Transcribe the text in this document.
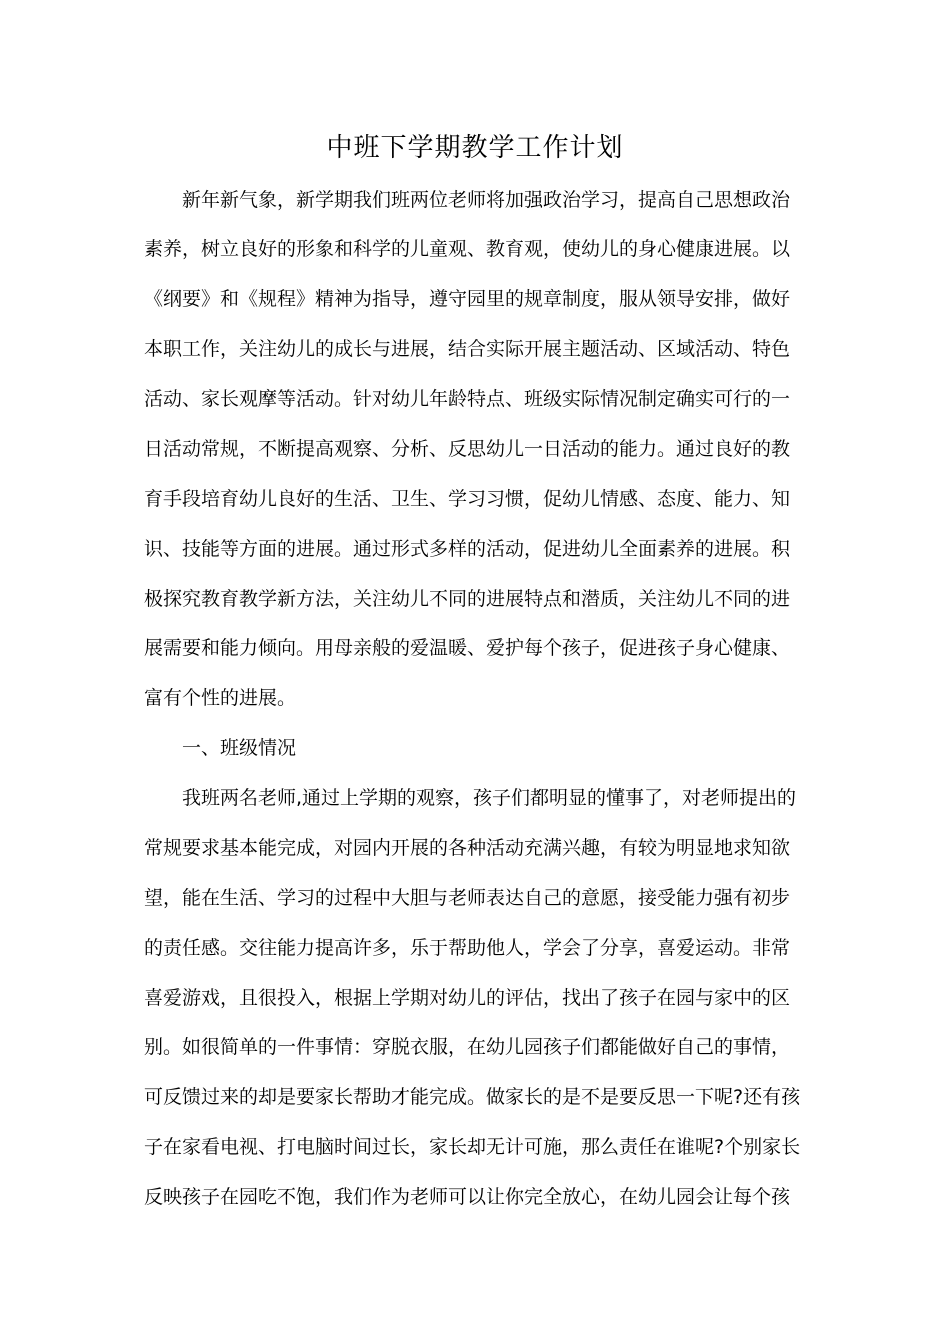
中班下学期教学工作计划

新年新气象，新学期我们班两位老师将加强政治学习，提高自己思想政治

素养，树立良好的形象和科学的儿童观、教育观，使幼儿的身心健康进展。以

《纲要》和《规程》精神为指导，遵守园里的规章制度，服从领导安排，做好

本职工作，关注幼儿的成长与进展，结合实际开展主题活动、区域活动、特色

活动、家长观摩等活动。针对幼儿年龄特点、班级实际情况制定确实可行的一

日活动常规，不断提高观察、分析、反思幼儿一日活动的能力。通过良好的教

育手段培育幼儿良好的生活、卫生、学习习惯，促幼儿情感、态度、能力、知

识、技能等方面的进展。通过形式多样的活动，促进幼儿全面素养的进展。积

极探究教育教学新方法，关注幼儿不同的进展特点和潜质，关注幼儿不同的进

展需要和能力倾向。用母亲般的爱温暖、爱护每个孩子，促进孩子身心健康、

富有个性的进展。

一、班级情况

我班两名老师,通过上学期的观察，孩子们都明显的懂事了，对老师提出的

常规要求基本能完成，对园内开展的各种活动充满兴趣，有较为明显地求知欲

望，能在生活、学习的过程中大胆与老师表达自己的意愿，接受能力强有初步

的责任感。交往能力提高许多，乐于帮助他人，学会了分享，喜爱运动。非常

喜爱游戏，且很投入，根据上学期对幼儿的评估，找出了孩子在园与家中的区

别。如很简单的一件事情：穿脱衣服，在幼儿园孩子们都能做好自己的事情，

可反馈过来的却是要家长帮助才能完成。做家长的是不是要反思一下呢?还有孩

子在家看电视、打电脑时间过长，家长却无计可施，那么责任在谁呢?个别家长

反映孩子在园吃不饱，我们作为老师可以让你完全放心，在幼儿园会让每个孩
